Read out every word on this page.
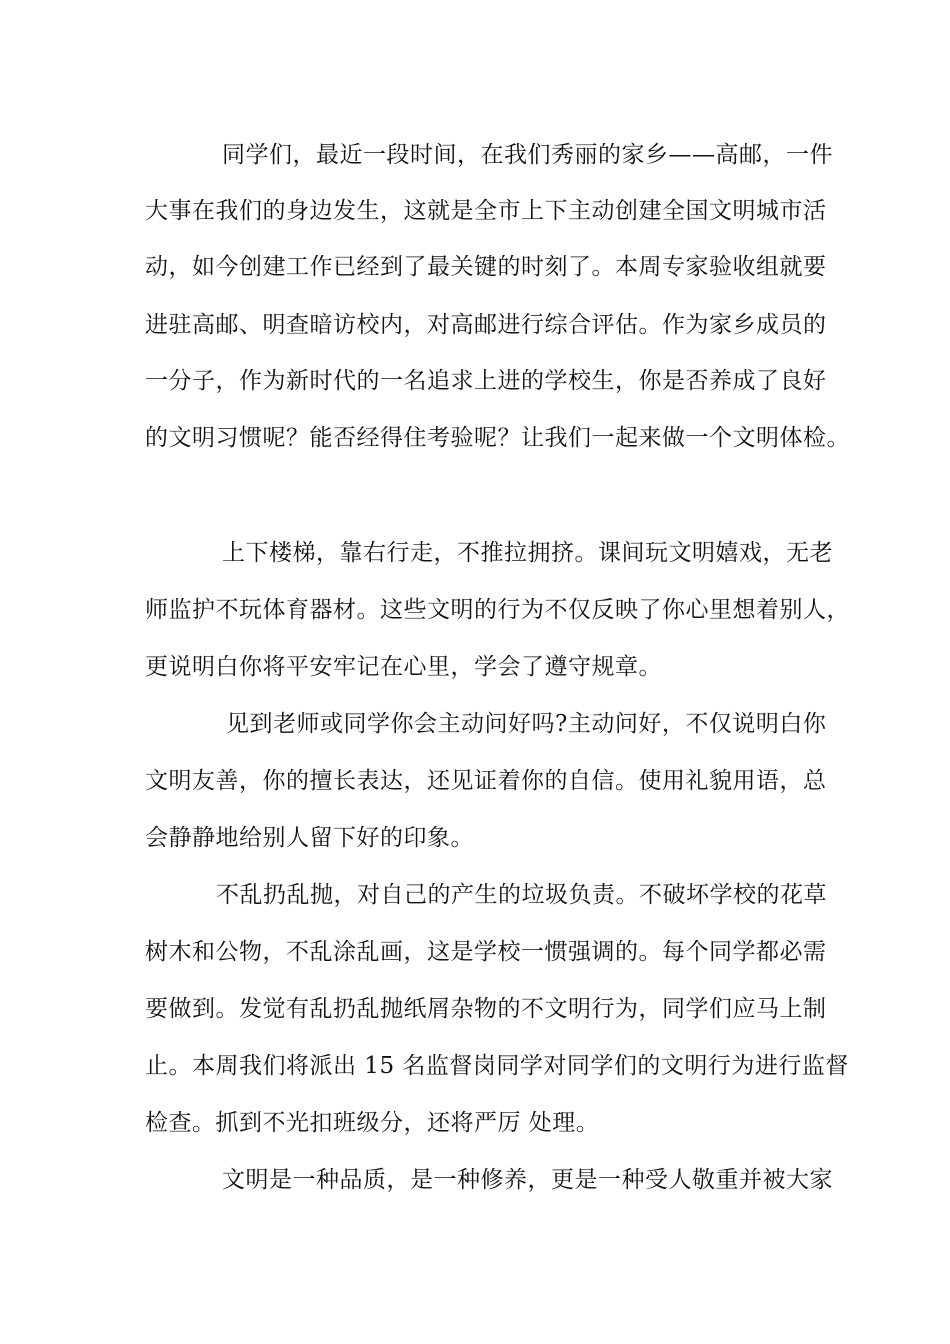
同学们，最近一段时间，在我们秀丽的家乡——高邮，一件
大事在我们的身边发生，这就是全市上下主动创建全国文明城市活
动，如今创建工作已经到了最关键的时刻了。本周专家验收组就要
进驻高邮、明查暗访校内，对高邮进行综合评估。作为家乡成员的
一分子，作为新时代的一名追求上进的学校生，你是否养成了良好
的文明习惯呢？能否经得住考验呢？让我们一起来做一个文明体检。
上下楼梯，靠右行走，不推拉拥挤。课间玩文明嬉戏，无老
师监护不玩体育器材。这些文明的行为不仅反映了你心里想着别人，
更说明白你将平安牢记在心里，学会了遵守规章。
见到老师或同学你会主动问好吗?主动问好，不仅说明白你
文明友善，你的擅长表达，还见证着你的自信。使用礼貌用语，总
会静静地给别人留下好的印象。
不乱扔乱抛，对自己的产生的垃圾负责。不破坏学校的花草
树木和公物，不乱涂乱画，这是学校一惯强调的。每个同学都必需
要做到。发觉有乱扔乱抛纸屑杂物的不文明行为，同学们应马上制
止。本周我们将派出 15 名监督岗同学对同学们的文明行为进行监督
检查。抓到不光扣班级分，还将严厉 处理。
文明是一种品质，是一种修养，更是一种受人敬重并被大家
